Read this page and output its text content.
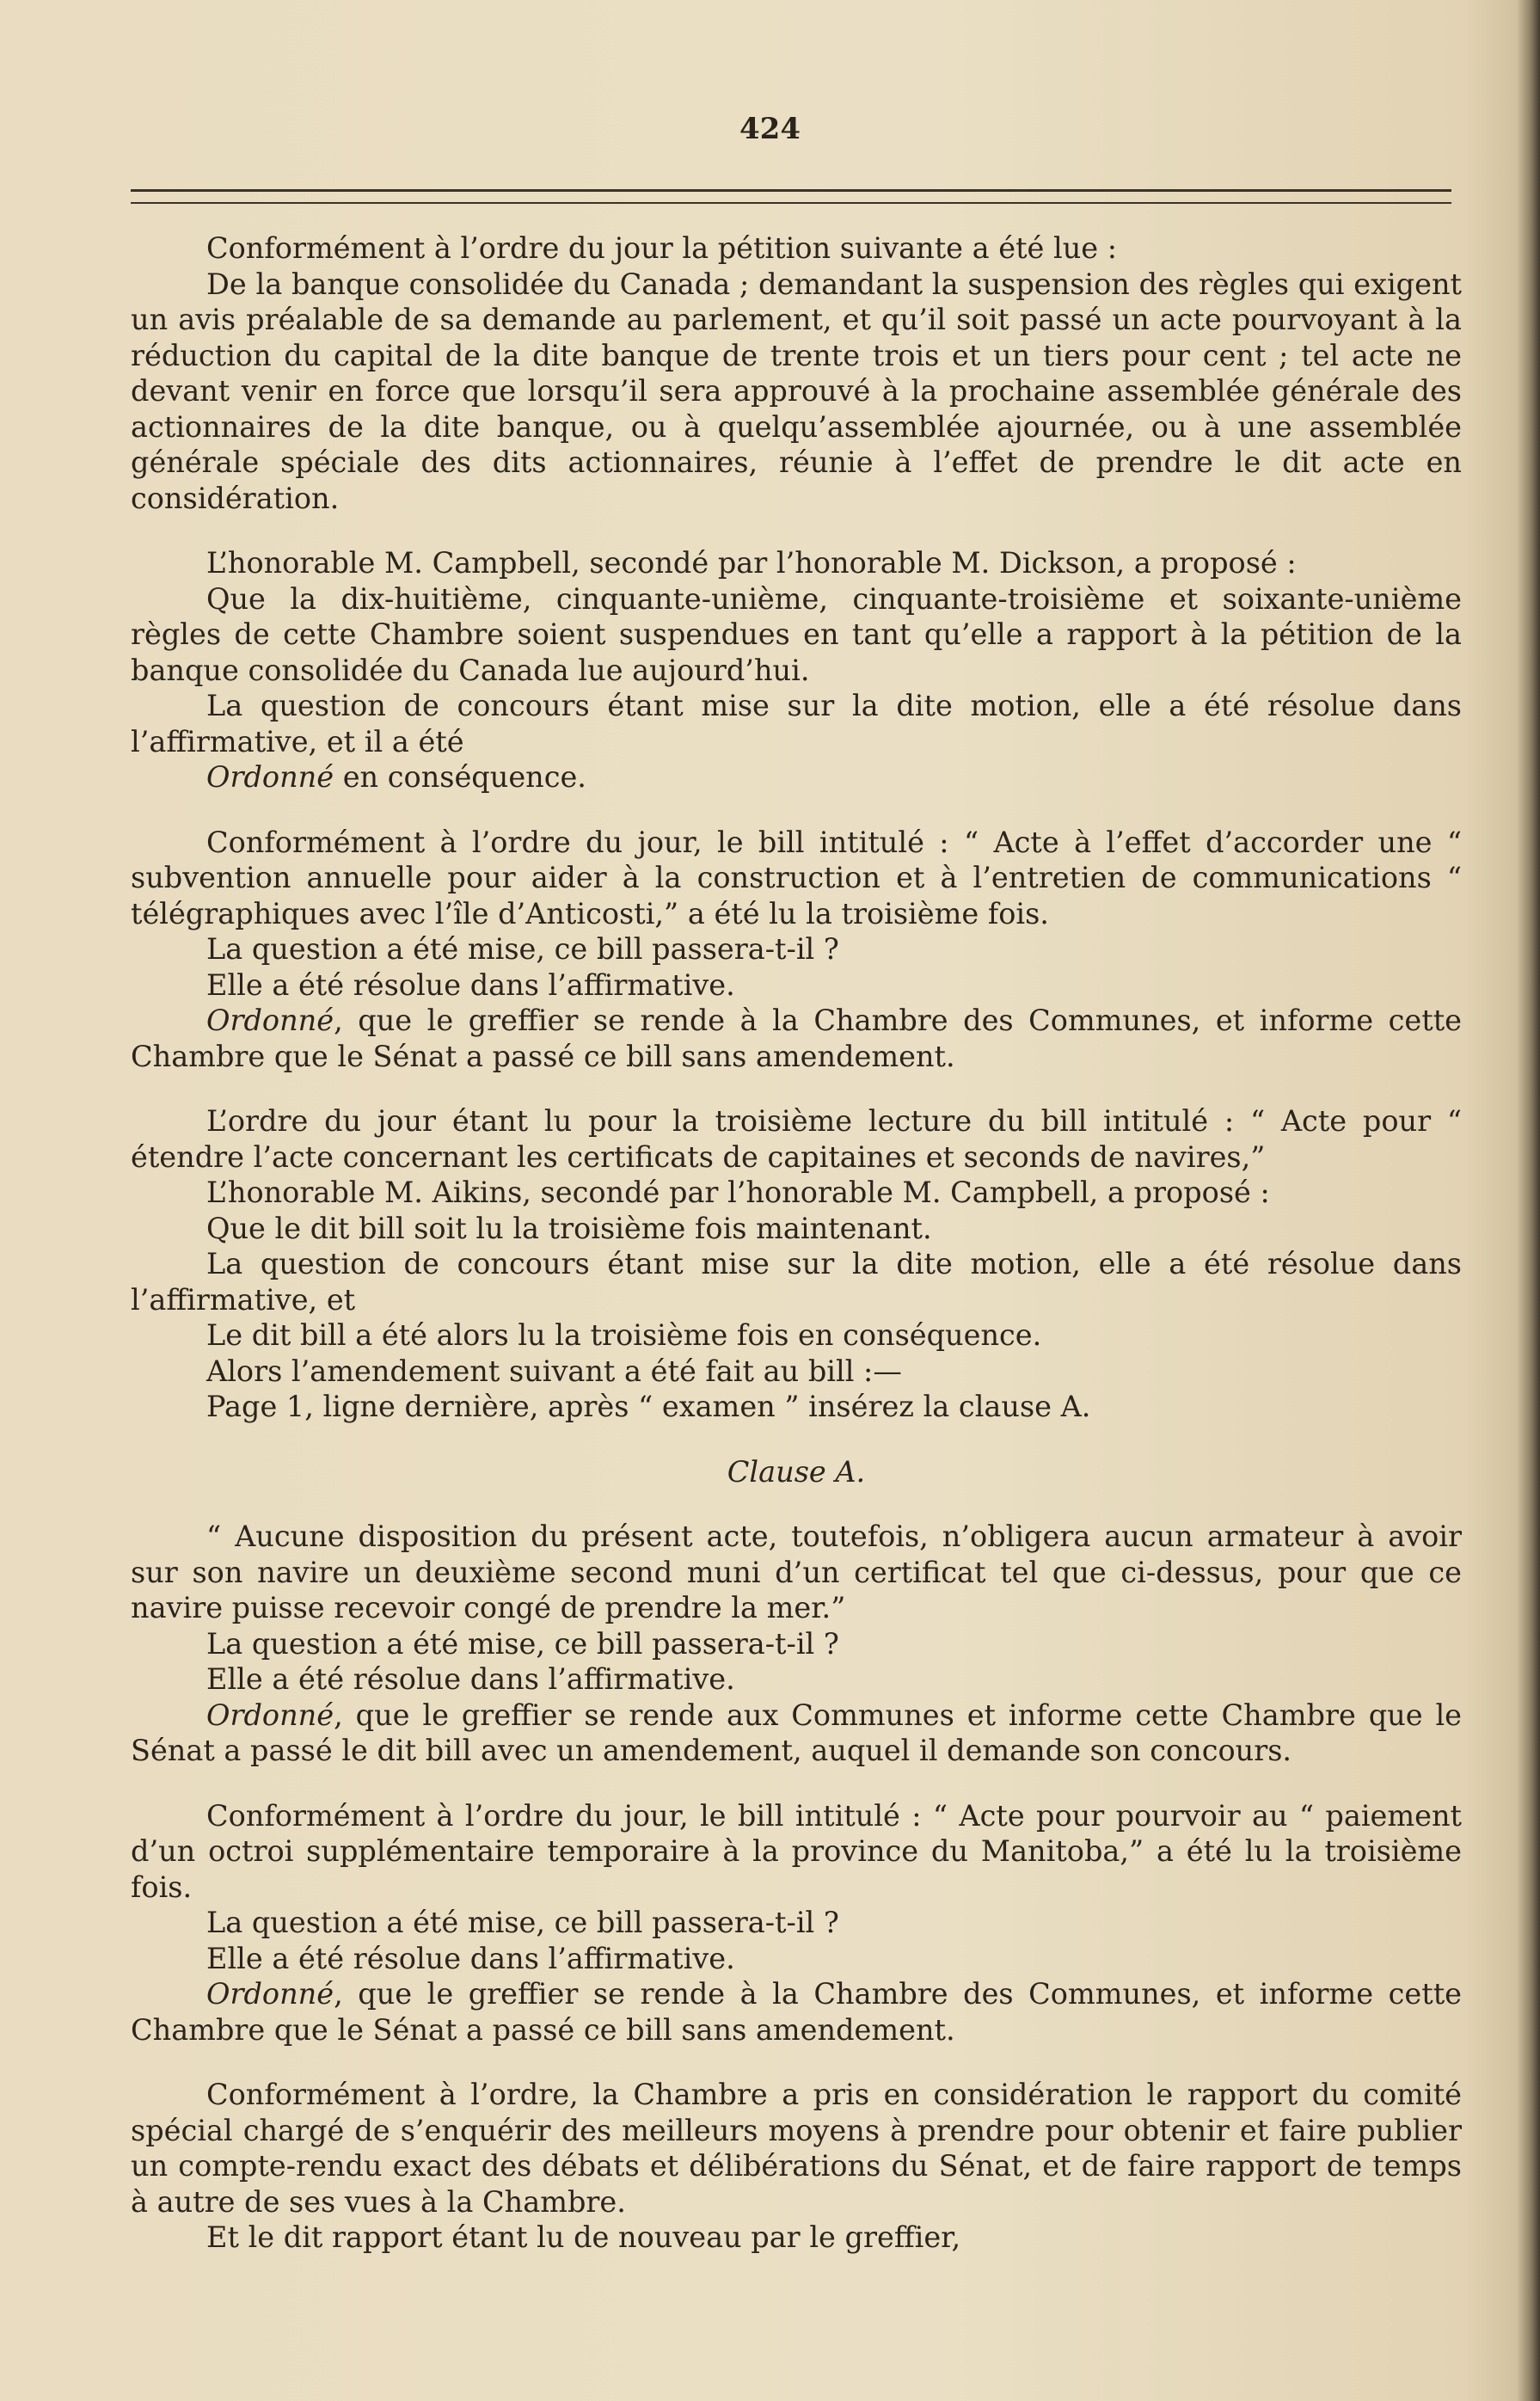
424

Conformément à l’ordre du jour la pétition suivante a été lue :

De la banque consolidée du Canada ; demandant la suspension des règles qui exigent un avis préalable de sa demande au parlement, et qu’il soit passé un acte pourvoyant à la réduction du capital de la dite banque de trente trois et un tiers pour cent ; tel acte ne devant venir en force que lorsqu’il sera approuvé à la prochaine assemblée générale des actionnaires de la dite banque, ou à quelqu’assemblée ajournée, ou à une assemblée générale spéciale des dits actionnaires, réunie à l’effet de prendre le dit acte en considération.

L’honorable M. Campbell, secondé par l’honorable M. Dickson, a proposé :

Que la dix-huitième, cinquante-unième, cinquante-troisième et soixante-unième règles de cette Chambre soient suspendues en tant qu’elle a rapport à la pétition de la banque consolidée du Canada lue aujourd’hui.

La question de concours étant mise sur la dite motion, elle a été résolue dans l’affirmative, et il a été

Ordonné en conséquence.

Conformément à l’ordre du jour, le bill intitulé : “ Acte à l’effet d’accorder une “ subvention annuelle pour aider à la construction et à l’entretien de communications “ télégraphiques avec l’île d’Anticosti,” a été lu la troisième fois.

La question a été mise, ce bill passera-t-il ?

Elle a été résolue dans l’affirmative.

Ordonné, que le greffier se rende à la Chambre des Communes, et informe cette Chambre que le Sénat a passé ce bill sans amendement.

L’ordre du jour étant lu pour la troisième lecture du bill intitulé : “ Acte pour “ étendre l’acte concernant les certificats de capitaines et seconds de navires,”

L’honorable M. Aikins, secondé par l’honorable M. Campbell, a proposé :

Que le dit bill soit lu la troisième fois maintenant.

La question de concours étant mise sur la dite motion, elle a été résolue dans l’affirmative, et

Le dit bill a été alors lu la troisième fois en conséquence.

Alors l’amendement suivant a été fait au bill :—

Page 1, ligne dernière, après “ examen ” insérez la clause A.

Clause A.

“ Aucune disposition du présent acte, toutefois, n’obligera aucun armateur à avoir sur son navire un deuxième second muni d’un certificat tel que ci-dessus, pour que ce navire puisse recevoir congé de prendre la mer.”

La question a été mise, ce bill passera-t-il ?

Elle a été résolue dans l’affirmative.

Ordonné, que le greffier se rende aux Communes et informe cette Chambre que le Sénat a passé le dit bill avec un amendement, auquel il demande son concours.

Conformément à l’ordre du jour, le bill intitulé : “ Acte pour pourvoir au “ paiement d’un octroi supplémentaire temporaire à la province du Manitoba,” a été lu la troisième fois.

La question a été mise, ce bill passera-t-il ?

Elle a été résolue dans l’affirmative.

Ordonné, que le greffier se rende à la Chambre des Communes, et informe cette Chambre que le Sénat a passé ce bill sans amendement.

Conformément à l’ordre, la Chambre a pris en considération le rapport du comité spécial chargé de s’enquérir des meilleurs moyens à prendre pour obtenir et faire publier un compte-rendu exact des débats et délibérations du Sénat, et de faire rapport de temps à autre de ses vues à la Chambre.

Et le dit rapport étant lu de nouveau par le greffier,
